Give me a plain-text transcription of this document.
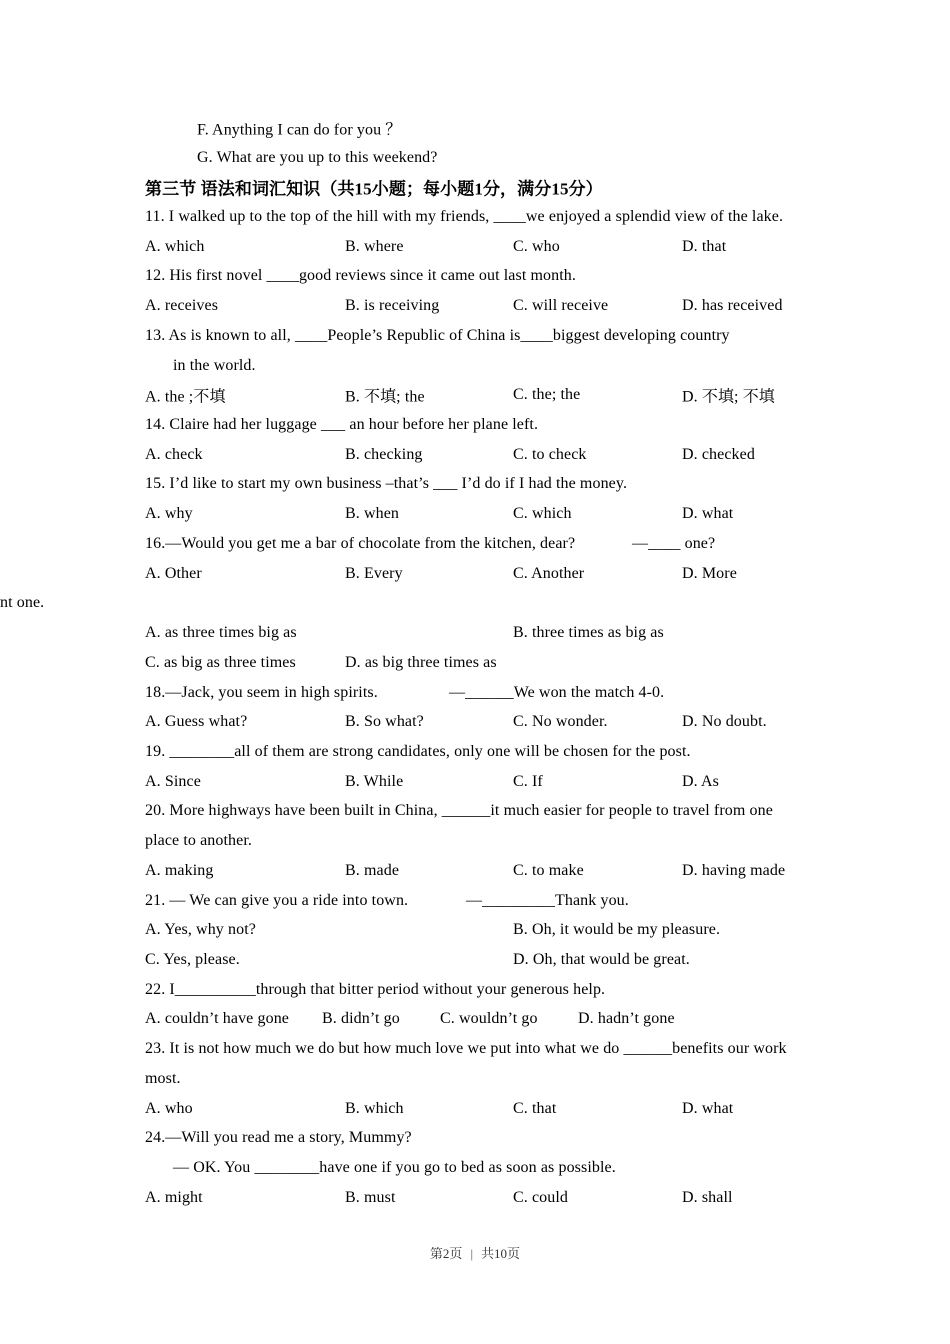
F. Anything I can do for you ？
G. What are you up to this weekend?
第三节 语法和词汇知识（共15小题；每小题1分，满分15分）
11. I walked up to the top of the hill with my friends, ____we enjoyed a splendid view of the lake.
A. which	B. where	C. who	D. that
12. His first novel ____good reviews since it came out last month.
A. receives	B. is receiving	C. will receive	D. has received
13. As is known to all, ____People’s Republic of China is____biggest developing country
in the world.
A. the ;不填	B. 不填; the	C. the; the	D. 不填; 不填
14. Claire had her luggage ___ an hour before her plane left.
A. check	B. checking	C. to check	D. checked
15. I’d like to start my own business –that’s ___ I’d do if I had the money.
A. why	B. when	C. which	D. what
16.—Would you get me a bar of chocolate from the kitchen, dear?	—____ one?
A. Other	B. Every	C. Another	D. More
nt one.
A. as three times big as	B. three times as big as
C. as big as three times	D. as big three times as
18.—Jack, you seem in high spirits.	—______We won the match 4-0.
A. Guess what?	B. So what?	C. No wonder.	D. No doubt.
19. ________all of them are strong candidates, only one will be chosen for the post.
A. Since	B. While	C. If	D. As
20. More highways have been built in China, ______it much easier for people to travel from one
place to another.
A. making	B. made	C. to make	D. having made
21. — We can give you a ride into town.	—_________Thank you.
A. Yes, why not?	B. Oh, it would be my pleasure.
C. Yes, please.	D. Oh, that would be great.
22. I__________through that bitter period without your generous help.
A. couldn’t have gone B. didn’t go	C. wouldn’t go	D. hadn’t gone
23. It is not how much we do but how much love we put into what we do ______benefits our work
most.
A. who	B. which	C. that	D. what
24.—Will you read me a story, Mummy?
— OK. You ________have one if you go to bed as soon as possible.
A. might	B. must	C. could	D. shall
第2页 | 共10页
